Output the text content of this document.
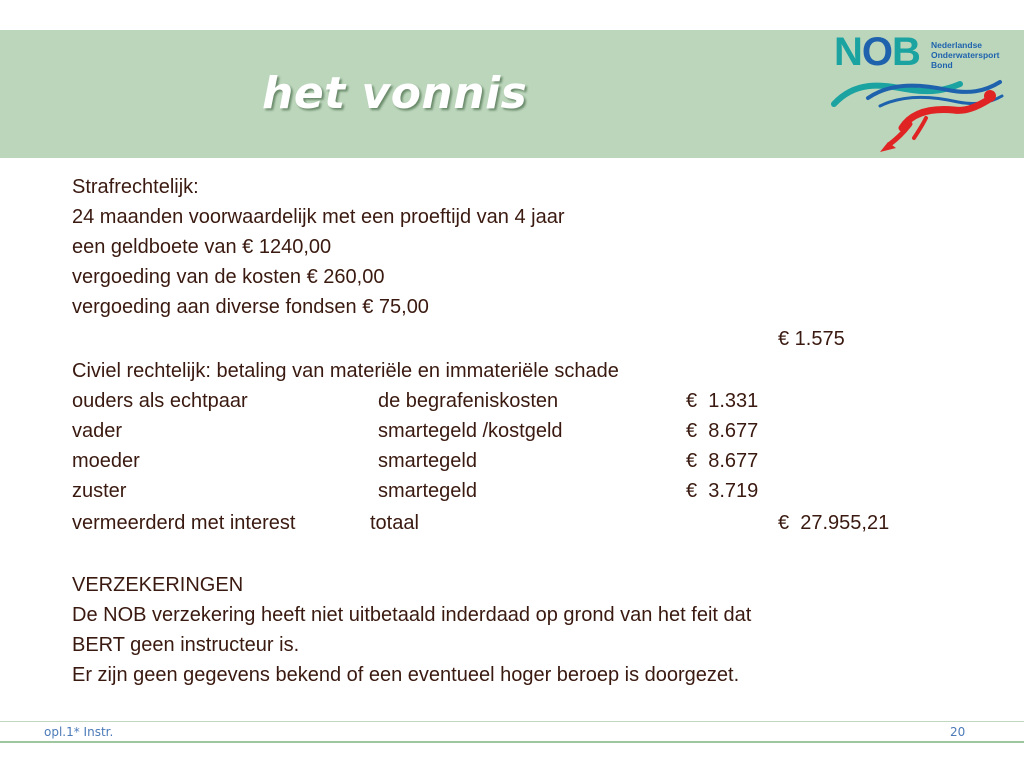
het vonnis
NOB Nederlandse
Onderwatersport
Bond
Strafrechtelijk:
24 maanden voorwaardelijk met een proeftijd van 4 jaar
een geldboete van € 1240,00
vergoeding van de kosten € 260,00
vergoeding aan diverse fondsen € 75,00
€ 1.575
Civiel rechtelijk: betaling van materiële en immateriële schade
ouders als echtpaar	de begrafeniskosten	€  1.331
vader	smartegeld /kostgeld	€  8.677
moeder	smartegeld	€  8.677
zuster	smartegeld	€  3.719
vermeerderd met interest	totaal	€  27.955,21
VERZEKERINGEN
De NOB verzekering heeft niet uitbetaald inderdaad op grond van het feit dat
BERT geen instructeur is.
Er zijn geen gegevens bekend of een eventueel hoger beroep is doorgezet.
opl.1* Instr.	20
